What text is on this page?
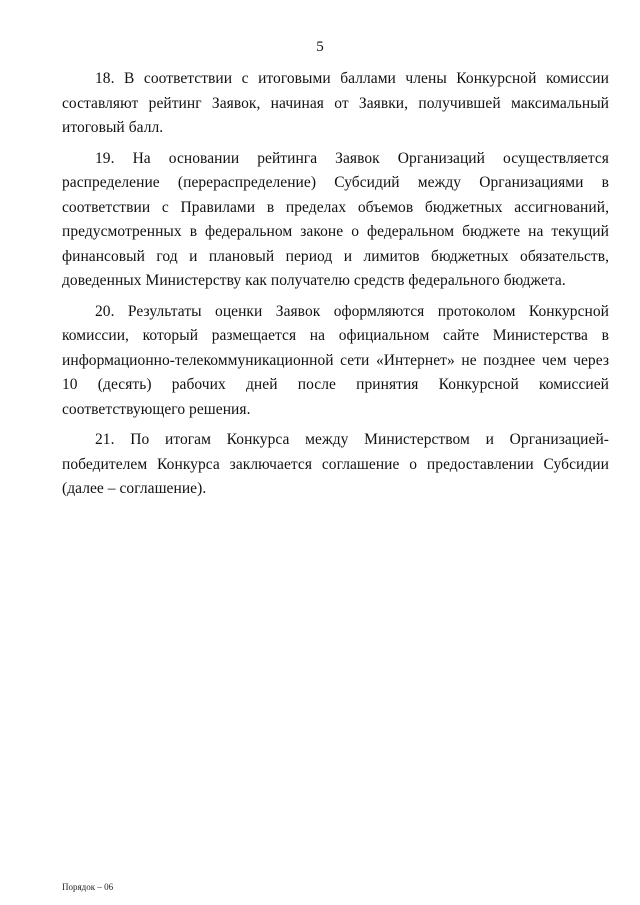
5

18. В соответствии с итоговыми баллами члены Конкурсной комиссии составляют рейтинг Заявок, начиная от Заявки, получившей максимальный итоговый балл.

19. На основании рейтинга Заявок Организаций осуществляется распределение (перераспределение) Субсидий между Организациями в соответствии с Правилами в пределах объемов бюджетных ассигнований, предусмотренных в федеральном законе о федеральном бюджете на текущий финансовый год и плановый период и лимитов бюджетных обязательств, доведенных Министерству как получателю средств федерального бюджета.

20. Результаты оценки Заявок оформляются протоколом Конкурсной комиссии, который размещается на официальном сайте Министерства в информационно-телекоммуникационной сети «Интернет» не позднее чем через 10 (десять) рабочих дней после принятия Конкурсной комиссией соответствующего решения.

21. По итогам Конкурса между Министерством и Организацией-победителем Конкурса заключается соглашение о предоставлении Субсидии (далее – соглашение).

Порядок – 06
